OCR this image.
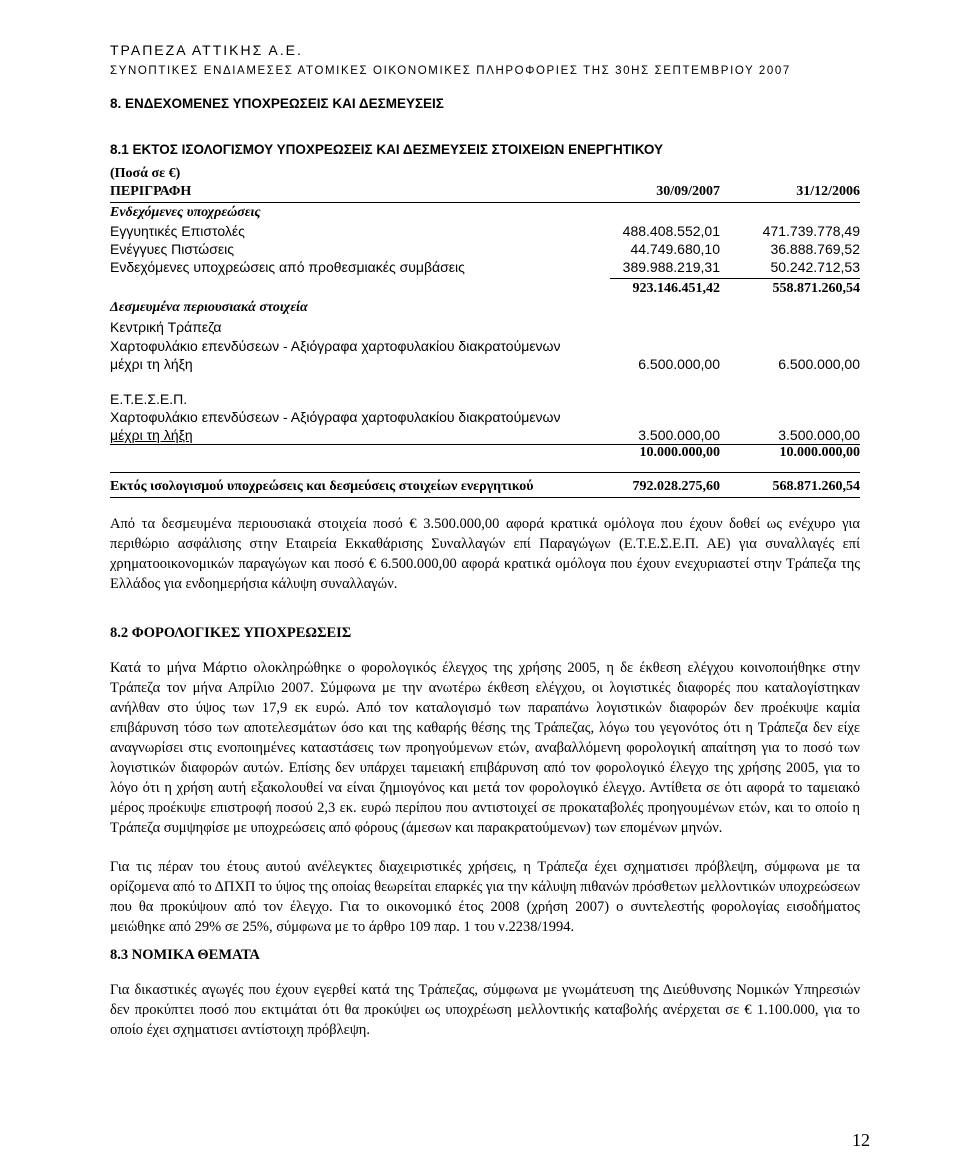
ΤΡΑΠΕΖΑ ΑΤΤΙΚΗΣ Α.Ε.
ΣΥΝΟΠΤΙΚΕΣ ΕΝΔΙΑΜΕΣΕΣ ΑΤΟΜΙΚΕΣ ΟΙΚΟΝΟΜΙΚΕΣ ΠΛΗΡΟΦΟΡΙΕΣ ΤΗΣ 30ΗΣ ΣΕΠΤΕΜΒΡΙΟΥ 2007
8. ΕΝΔΕΧΟΜΕΝΕΣ ΥΠΟΧΡΕΩΣΕΙΣ ΚΑΙ ΔΕΣΜΕΥΣΕΙΣ
8.1 ΕΚΤΟΣ ΙΣΟΛΟΓΙΣΜΟΥ ΥΠΟΧΡΕΩΣΕΙΣ ΚΑΙ ΔΕΣΜΕΥΣΕΙΣ ΣΤΟΙΧΕΙΩΝ ΕΝΕΡΓΗΤΙΚΟΥ
(Ποσά σε €)
ΠΕΡΙΓΡΑΦΗ	30/09/2007	31/12/2006
Ενδεχόμενες υποχρεώσεις
Εγγυητικές Επιστολές	488.408.552,01	471.739.778,49
Ενέγγυες Πιστώσεις	44.749.680,10	36.888.769,52
Ενδεχόμενες υποχρεώσεις από προθεσμιακές συμβάσεις	389.988.219,31	50.242.712,53
923.146.451,42	558.871.260,54
Δεσμευμένα περιουσιακά στοιχεία
Κεντρική Τράπεζα
Χαρτοφυλάκιο επενδύσεων - Αξιόγραφα χαρτοφυλακίου διακρατούμενων
μέχρι τη λήξη	6.500.000,00	6.500.000,00
Ε.Τ.Ε.Σ.Ε.Π.
Χαρτοφυλάκιο επενδύσεων - Αξιόγραφα χαρτοφυλακίου διακρατούμενων
μέχρι τη λήξη	3.500.000,00	3.500.000,00
10.000.000,00	10.000.000,00
Εκτός ισολογισμού υποχρεώσεις και δεσμεύσεις στοιχείων ενεργητικού	792.028.275,60	568.871.260,54
Από τα δεσμευμένα περιουσιακά στοιχεία ποσό € 3.500.000,00 αφορά κρατικά ομόλογα που έχουν δοθεί ως ενέχυρο για περιθώριο ασφάλισης στην Εταιρεία Εκκαθάρισης Συναλλαγών επί Παραγώγων (Ε.Τ.Ε.Σ.Ε.Π. ΑΕ) για συναλλαγές επί χρηματοοικονομικών παραγώγων και ποσό € 6.500.000,00 αφορά κρατικά ομόλογα που έχουν ενεχυριαστεί στην Τράπεζα της Ελλάδος για ενδοημερήσια κάλυψη συναλλαγών.
8.2 ΦΟΡΟΛΟΓΙΚΕΣ ΥΠΟΧΡΕΩΣΕΙΣ
Κατά το μήνα Μάρτιο ολοκληρώθηκε ο φορολογικός έλεγχος της χρήσης 2005, η δε έκθεση ελέγχου κοινοποιήθηκε στην Τράπεζα τον μήνα Απρίλιο 2007. Σύμφωνα με την ανωτέρω έκθεση ελέγχου, οι λογιστικές διαφορές που καταλογίστηκαν ανήλθαν στο ύψος των 17,9 εκ ευρώ. Από τον καταλογισμό των παραπάνω λογιστικών διαφορών δεν προέκυψε καμία επιβάρυνση τόσο των αποτελεσμάτων όσο και της καθαρής θέσης της Τράπεζας, λόγω του γεγονότος ότι η Τράπεζα δεν είχε αναγνωρίσει στις ενοποιημένες καταστάσεις των προηγούμενων ετών, αναβαλλόμενη φορολογική απαίτηση για το ποσό των λογιστικών διαφορών αυτών. Επίσης δεν υπάρχει ταμειακή επιβάρυνση από τον φορολογικό έλεγχο της χρήσης 2005, για το λόγο ότι η χρήση αυτή εξακολουθεί να είναι ζημιογόνος και μετά τον φορολογικό έλεγχο. Αντίθετα σε ότι αφορά το ταμειακό μέρος προέκυψε επιστροφή ποσού 2,3 εκ. ευρώ περίπου που αντιστοιχεί σε προκαταβολές προηγουμένων ετών, και το οποίο η Τράπεζα συμψηφίσε με υποχρεώσεις από φόρους (άμεσων και παρακρατούμενων) των επομένων μηνών.
Για τις πέραν του έτους αυτού ανέλεγκτες διαχειριστικές χρήσεις, η Τράπεζα έχει σχηματισει πρόβλεψη, σύμφωνα με τα ορίζομενα από το ΔΠΧΠ το ύψος της οποίας θεωρείται επαρκές για την κάλυψη πιθανών πρόσθετων μελλοντικών υποχρεώσεων που θα προκύψουν από τον έλεγχο. Για το οικονομικό έτος 2008 (χρήση 2007) ο συντελεστής φορολογίας εισοδήματος μειώθηκε από 29% σε 25%, σύμφωνα με το άρθρο 109 παρ. 1 του ν.2238/1994.
8.3 ΝΟΜΙΚΑ ΘΕΜΑΤΑ
Για δικαστικές αγωγές που έχουν εγερθεί κατά της Τράπεζας, σύμφωνα με γνωμάτευση της Διεύθυνσης Νομικών Υπηρεσιών δεν προκύπτει ποσό που εκτιμάται ότι θα προκύψει ως υποχρέωση μελλοντικής καταβολής ανέρχεται σε € 1.100.000, για το οποίο έχει σχηματισει αντίστοιχη πρόβλεψη.
12
